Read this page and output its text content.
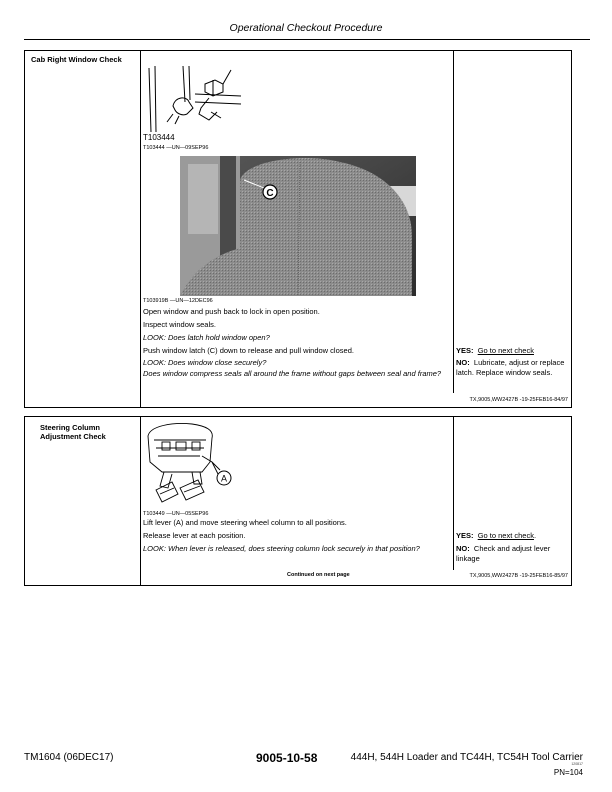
Operational Checkout Procedure
Cab Right Window Check
T103444
T103444 —UN—09SEP96
C
T103919B —UN—12DEC96
Open window and push back to lock in open position.
Inspect window seals.
LOOK: Does latch hold window open?
Push window latch (C) down to release and pull window closed.
LOOK: Does window close securely?
Does window compress seals all around the frame without gaps between seal and frame?
YES: Go to next check
NO: Lubricate, adjust or replace latch. Replace window seals.
TX,9005,WW2427B -19-25FEB16-84/97
Steering Column Adjustment Check
A
T103449 —UN—05SEP96
Lift lever (A) and move steering wheel column to all positions.
Release lever at each position.
LOOK: When lever is released, does steering column lock securely in that position?
Continued on next page
YES: Go to next check.
NO: Check and adjust lever linkage
TX,9005,WW2427B -19-25FEB16-85/97
TM1604 (06DEC17)	9005-10-58	444H, 544H Loader and TC44H, TC54H Tool Carrier
120817
PN=104
